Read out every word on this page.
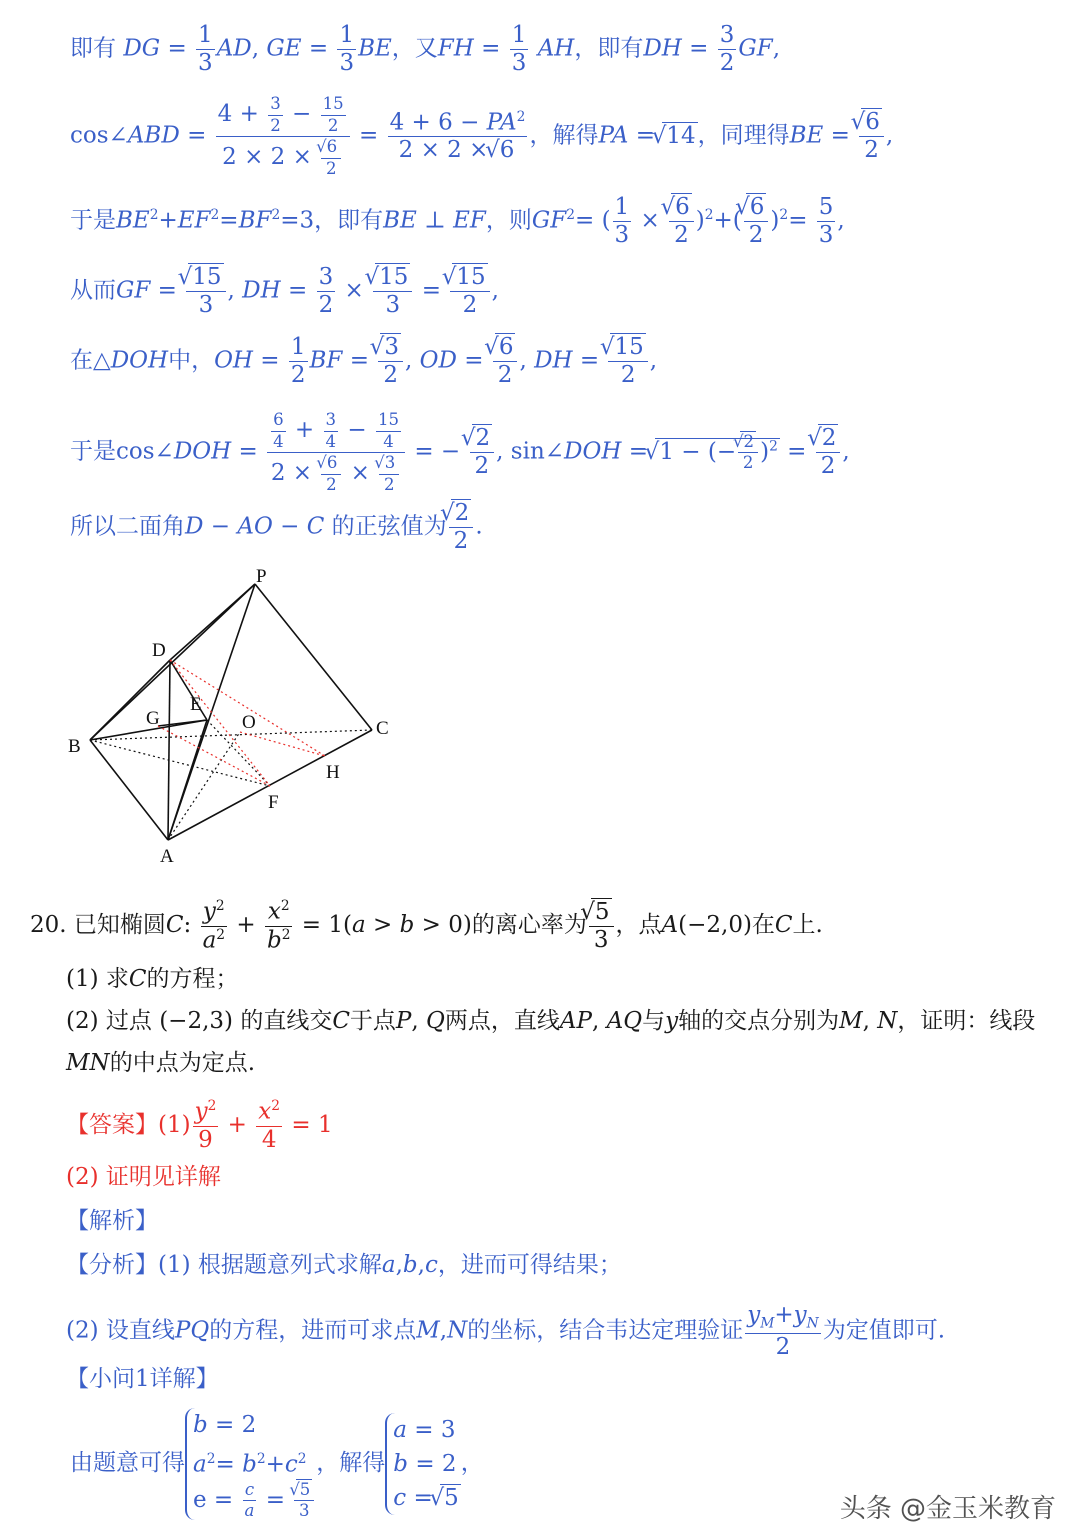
即有 DG = $\frac{1}{3}$ AD, GE = $\frac{1}{3}$ BE，又FH = $\frac{1}{3}$ AH，即有DH = $\frac{3}{2}$ GF,
cos∠ABD = $4 + \frac{3}{2} - \frac{15}{2}$
2 × 2 ×
√ $\frac{6}{2} = \frac{4 + 6 - PA^2}{2 \times 2 \times √ 6}$ ，解得PA = √ 14，同理得BE =
√ $\frac{6}{2}$ ,
于是$BE^2+EF^2=BF^2=3$，即有BE ⊥ EF，则$GF^2=$ ( $\frac{1}{3}$ ×
√ $\frac{6}{2} )^2+$(
√ $\frac{6}{2} )^2= \frac{5}{3}$ ,
从而GF =
√ $\frac{15}{3}$ , DH = $\frac{3}{2}$ ×
√ $\frac{15}{3}$ =
√ $\frac{15}{2}$ ,
在△DOH中，OH = $\frac{1}{2}$ BF =
√ $\frac{3}{2}$ , OD =
√ $\frac{6}{2}$ , DH =
√ $\frac{15}{2}$ ,
于是cos∠DOH = $\frac{6}{4} + \frac{3}{4} - \frac{15}{4}$
2 ×
√ $\frac{6}{2}$ ×
√ $\frac{3}{2}$ = −
√ $\frac{2}{2}$ , sin∠DOH = √ 1 − (−
√ $\frac{2}{2} )^2$ =
√ $\frac{2}{2}$ ,
所以二面角D − AO − C 的正弦值为
√ $\frac{2}{2}$ .
P
D
G
E
O	C
B
H
F
A
20. 已知椭圆C: $\frac{y^2}{a^2} + \frac{x^2}{b^2} = 1(a > b > 0)$的离心率为
√ $\frac{5}{3}$ ，点A(−2,0)在C上.
(1) 求C的方程；
(2) 过点 (−2,3) 的直线交C于点P, Q两点，直线AP, AQ与y轴的交点分别为M, N，证明：线段
MN的中点为定点.
【答案】$(1) \frac{y^2}{9} + \frac{x^2}{4} = 1$
(2) 证明见详解
【解析】
【分析】(1) 根据题意列式求解a,b,c，进而可得结果；
(2) 设直线PQ的方程，进而可求点M,N的坐标，结合韦达定理验证 $\frac{y_M+y_N}{2}$ 为定值即可.
【小问1详解】
由题意可得
b = 2
$a^2= b^2+c^2$
$e = \frac{c}{a}$ =
√ $\frac{5}{3}$
，解得
a = 3
b = 2
c = √ 5
，
头条 @金玉米教育
